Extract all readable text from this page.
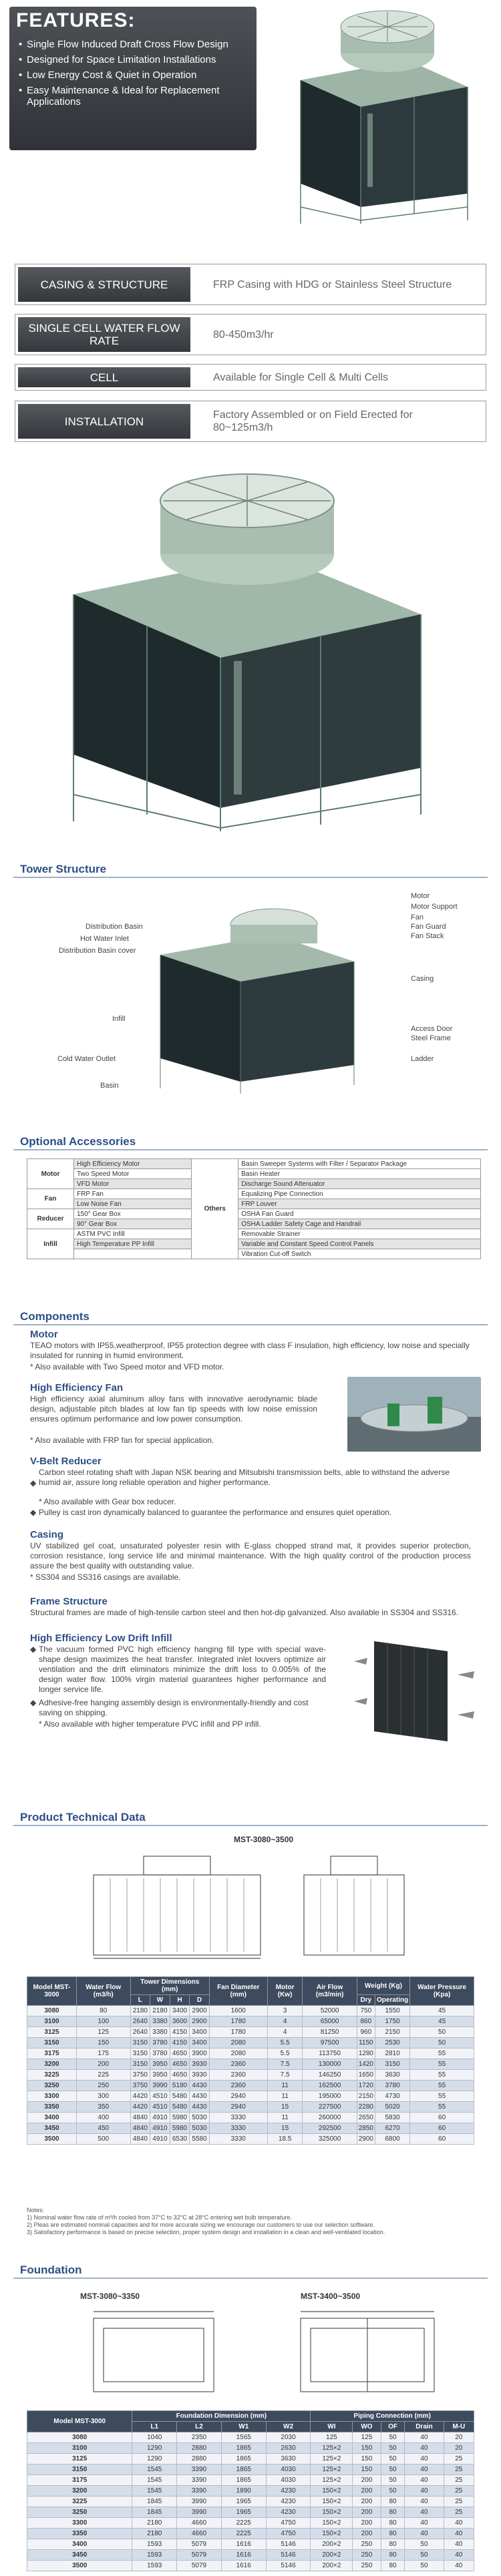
FEATURES:
• Single Flow Induced Draft Cross Flow Design
• Designed for Space Limitation Installations
• Low Energy Cost & Quiet in Operation
• Easy Maintenance & Ideal for Replacement Applications
CASING & STRUCTURE	FRP Casing with HDG or Stainless Steel Structure
SINGLE CELL WATER FLOW RATE	80-450m3/hr
CELL	Available for Single Cell & Multi Cells
INSTALLATION	Factory Assembled or on Field Erected for 80~125m3/h
Tower Structure
Distribution Basin
Hot Water Inlet
Distribution Basin cover
Infill
Cold Water Outlet
Basin
Motor
Motor Support
Fan
Fan Guard
Fan Stack
Casing
Access Door
Steel Frame
Ladder
Optional Accessories
Motor	High Efficiency Motor	Others	Basin Sweeper Systems with Filter / Separator Package
	Two Speed Motor		Basin Heater
	VFD Motor		Discharge Sound Attenuator
Fan	FRP Fan		Equalizing Pipe Connection
	Low Noise Fan		FRP Louver
Reducer	150° Gear Box		OSHA Fan Guard
	90° Gear Box		OSHA Ladder Safety Cage and Handrail
Infill	ASTM PVC Infill		Removable Strainer
	High Temperature PP Infill		Variable and Constant Speed Control Panels
			Vibration Cut-off Switch
Components
Motor
TEAO motors with IP55,weatherproof, IP55 protection degree with class F insulation, high efficiency, low noise and specially insulated for running in humid environment.
* Also available with Two Speed motor and VFD motor.
High Efficiency Fan
High efficiency axial aluminum alloy fans with innovative aerodynamic blade design, adjustable pitch blades at low fan tip speeds with low noise emission ensures optimum performance and low power consumption.
* Also available with FRP fan for special application.
V-Belt Reducer
Carbon steel rotating shaft with Japan NSK bearing and Mitsubishi transmission belts, able to withstand the adverse humid air, assure long reliable operation and higher performance.
◆
* Also available with Gear box reducer.
Pulley is cast iron dynamically balanced to guarantee the performance and ensures quiet operation.
◆
Casing
UV stabilized gel coat, unsaturated polyester resin with E-glass chopped strand mat, it provides superior protection, corrosion resistance, long service life and minimal maintenance. With the high quality control of the production process assure the best quality with outstanding value.
* SS304 and SS316 casings are available.
Frame Structure
Structural frames are made of high-tensile carbon steel and then hot-dip galvanized. Also available in SS304 and SS316.
High Efficiency Low Drift Infill
The vacuum formed PVC high efficiency hanging fill type with special wave-shape design maximizes the heat transfer. Integrated inlet louvers optimize air ventilation and the drift eliminators minimize the drift loss to 0.005% of the design water flow. 100% virgin material guarantees higher performance and longer service life.
◆
Adhesive-free hanging assembly design is environmentally-friendly and cost saving on shipping.
◆
* Also available with higher temperature PVC infill and PP infill.
Product Technical Data
MST-3080~3500
Model MST-3000	Water Flow (m3/h)	Tower Dimensions (mm)				Fan Diameter (mm)	Motor (Kw)	Air Flow (m3/min)	Weight (Kg)		Water Pressure (Kpa)
		L	W	H	D				Dry	Operating	
3080	80	2180	2180	3400	2900	1600	3	52000	750	1550	45
3100	100	2640	3380	3600	2900	1780	4	65000	860	1750	45
3125	125	2640	3380	4150	3400	1780	4	81250	960	2150	50
3150	150	3150	3780	4150	3400	2080	5.5	97500	1150	2530	50
3175	175	3150	3780	4650	3900	2080	5.5	113750	1280	2810	55
3200	200	3150	3950	4650	3930	2360	7.5	130000	1420	3150	55
3225	225	3750	3950	4650	3930	2360	7.5	146250	1650	3630	55
3250	250	3750	3990	5180	4430	2360	11	162500	1720	3780	55
3300	300	4420	4510	5480	4430	2940	11	195000	2150	4730	55
3350	350	4420	4510	5480	4430	2940	15	227500	2280	5020	55
3400	400	4840	4910	5980	5030	3330	11	260000	2650	5830	60
3450	450	4840	4910	5980	5030	3330	15	292500	2850	6270	60
3500	500	4840	4910	6530	5580	3330	18.5	325000	2900	6800	60
Notes:
1) Nominal water flow rate of m³/h cooled from 37°C to 32°C at 28°C entering wet bulb temperature.
2) Pleas are estimated nominal capacities and for more accurate sizing we encourage our customers to use our selection software.
3) Satisfactory performance is based on precise selection, proper system design and installation in a clean and well-ventilated location.
Foundation
MST-3080~3350	MST-3400~3500
Model MST-3000	Foundation Dimension (mm)				Piping Connection (mm)				
	L1	L2	W1	W2	WI	WO	OF	Drain	M-U
3080	1040	2350	1565	2030	125	125	50	40	20
3100	1290	2880	1865	2630	125×2	150	50	40	20
3125	1290	2880	1865	3630	125×2	150	50	40	25
3150	1545	3390	1865	4030	125×2	150	50	40	25
3175	1545	3390	1865	4030	125×2	200	50	40	25
3200	1545	3390	1890	4230	150×2	200	50	40	25
3225	1845	3990	1965	4230	150×2	200	80	40	25
3250	1845	3990	1965	4230	150×2	200	80	40	25
3300	2180	4660	2225	4750	150×2	200	80	40	40
3350	2180	4660	2225	4750	150×2	200	80	40	40
3400	1593	5079	1616	5146	200×2	250	80	50	40
3450	1593	5079	1616	5146	200×2	250	80	50	40
3500	1593	5079	1616	5146	200×2	250	80	50	40
